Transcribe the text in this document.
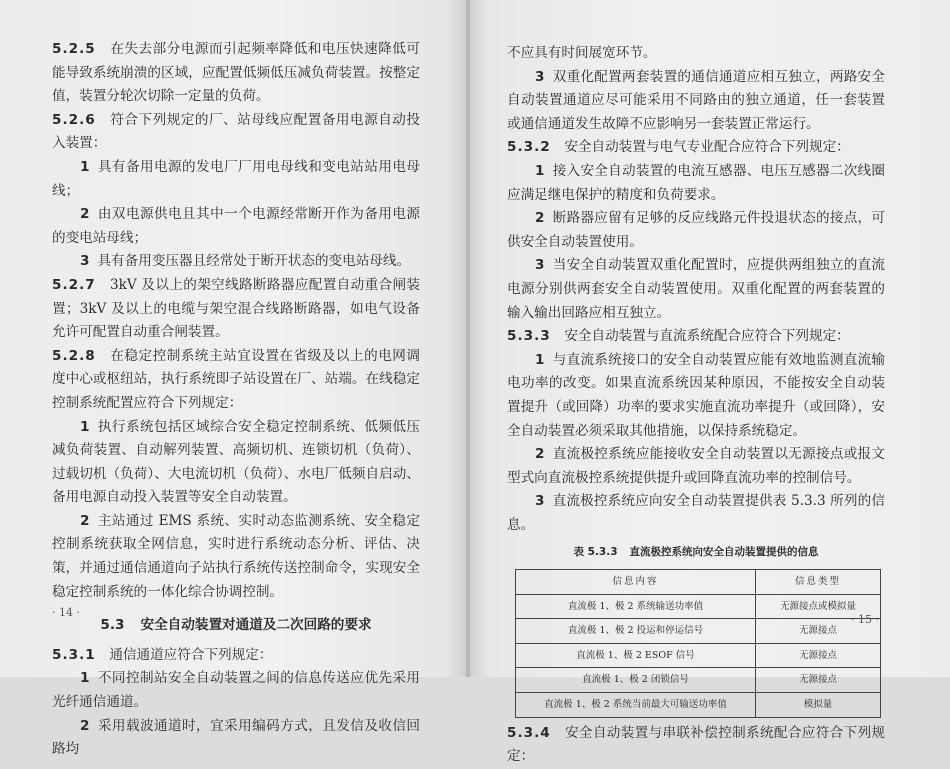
5.2.5　 在失去部分电源而引起频率降低和电压快速降低可能导致系统崩溃的区域，应配置低频低压减负荷装置。按整定值，装置分轮次切除一定量的负荷。

5.2.6　 符合下列规定的厂、站母线应配置备用电源自动投入装置：

1 具有备用电源的发电厂厂用电母线和变电站站用电母线；

2 由双电源供电且其中一个电源经常断开作为备用电源的变电站母线；

3 具有备用变压器且经常处于断开状态的变电站母线。

5.2.7　 3kV 及以上的架空线路断路器应配置自动重合闸装置；3kV 及以上的电缆与架空混合线路断路器，如电气设备允许可配置自动重合闸装置。

5.2.8　 在稳定控制系统主站宜设置在省级及以上的电网调度中心或枢纽站，执行系统即子站设置在厂、站端。在线稳定控制系统配置应符合下列规定：

1 执行系统包括区域综合安全稳定控制系统、低频低压减负荷装置、自动解列装置、高频切机、连锁切机（负荷）、过载切机（负荷）、大电流切机（负荷）、水电厂低频自启动、备用电源自动投入装置等安全自动装置。

2 主站通过 EMS 系统、实时动态监测系统、安全稳定控制系统获取全网信息，实时进行系统动态分析、评估、决策，并通过通信通道向子站执行系统传送控制命令，实现安全稳定控制系统的一体化综合协调控制。

5.3 安全自动装置对通道及二次回路的要求

5.3.1　 通信通道应符合下列规定：

1 不同控制站安全自动装置之间的信息传送应优先采用光纤通信通道。

2 采用载波通道时，宜采用编码方式，且发信及收信回路均

· 14 ·

不应具有时间展宽环节。

3 双重化配置两套装置的通信通道应相互独立，两路安全自动装置通道应尽可能采用不同路由的独立通道，任一套装置或通信通道发生故障不应影响另一套装置正常运行。

5.3.2　 安全自动装置与电气专业配合应符合下列规定：

1 接入安全自动装置的电流互感器、电压互感器二次线圈应满足继电保护的精度和负荷要求。

2 断路器应留有足够的反应线路元件投退状态的接点，可供安全自动装置使用。

3 当安全自动装置双重化配置时，应提供两组独立的直流电源分别供两套安全自动装置使用。双重化配置的两套装置的输入输出回路应相互独立。

5.3.3　 安全自动装置与直流系统配合应符合下列规定：

1 与直流系统接口的安全自动装置应能有效地监测直流输电功率的改变。如果直流系统因某种原因，不能按安全自动装置提升（或回降）功率的要求实施直流功率提升（或回降），安全自动装置必须采取其他措施，以保持系统稳定。

2 直流极控系统应能接收安全自动装置以无源接点或报文型式向直流极控系统提供提升或回降直流功率的控制信号。

3 直流极控系统应向安全自动装置提供表 5.3.3 所列的信息。

表 5.3.3 直流极控系统向安全自动装置提供的信息
信息内容	信息类型
直流极 1、极 2 系统输送功率值	无源接点或模拟量
直流极 1、极 2 投运和停运信号	无源接点
直流极 1、极 2 ESOF 信号	无源接点
直流极 1、极 2 闭锁信号	无源接点
直流极 1、极 2 系统当前最大可输送功率值	模拟量

5.3.4　 安全自动装置与串联补偿控制系统配合应符合下列规定：

· 15 ·
